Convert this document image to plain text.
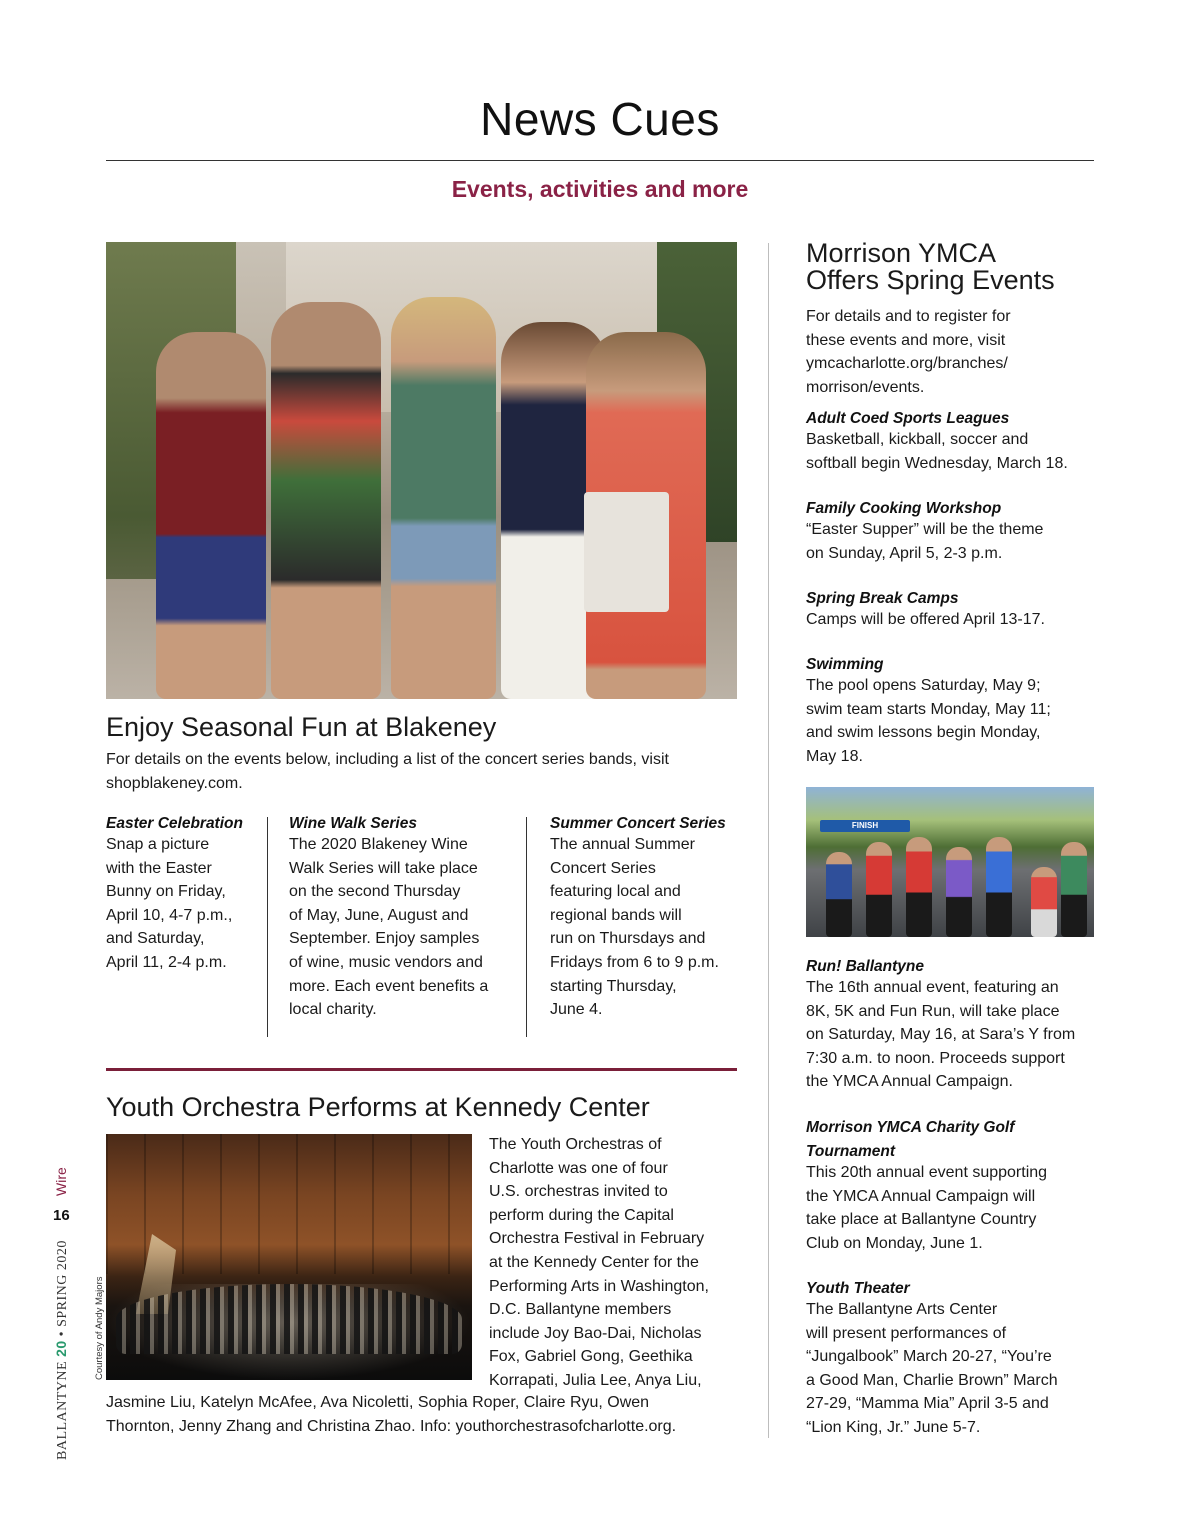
News Cues
Events, activities and more
Enjoy Seasonal Fun at Blakeney
For details on the events below, including a list of the concert series bands, visit shopblakeney.com.
Easter Celebration
Snap a picture
with the Easter
Bunny on Friday,
April 10, 4-7 p.m.,
and Saturday,
April 11, 2-4 p.m.
Wine Walk Series
The 2020 Blakeney Wine
Walk Series will take place
on the second Thursday
of May, June, August and
September. Enjoy samples
of wine, music vendors and
more. Each event benefits a
local charity.
Summer Concert Series
The annual Summer
Concert Series
featuring local and
regional bands will
run on Thursdays and
Fridays from 6 to 9 p.m.
starting Thursday,
June 4.
Youth Orchestra Performs at Kennedy Center
Courtesy of Andy Majors
The Youth Orchestras of
Charlotte was one of four
U.S. orchestras invited to
perform during the Capital
Orchestra Festival in February
at the Kennedy Center for the
Performing Arts in Washington,
D.C. Ballantyne members
include Joy Bao-Dai, Nicholas
Fox, Gabriel Gong, Geethika
Korrapati, Julia Lee, Anya Liu,
Jasmine Liu, Katelyn McAfee, Ava Nicoletti, Sophia Roper, Claire Ryu, Owen
Thornton, Jenny Zhang and Christina Zhao. Info: youthorchestrasofcharlotte.org.
Morrison YMCA
Offers Spring Events
For details and to register for
these events and more, visit
ymcacharlotte.org/branches/
morrison/events.
Adult Coed Sports Leagues
Basketball, kickball, soccer and
softball begin Wednesday, March 18.
Family Cooking Workshop
“Easter Supper” will be the theme
on Sunday, April 5, 2-3 p.m.
Spring Break Camps
Camps will be offered April 13-17.
Swimming
The pool opens Saturday, May 9;
swim team starts Monday, May 11;
and swim lessons begin Monday,
May 18.
FINISH
Run! Ballantyne
The 16th annual event, featuring an
8K, 5K and Fun Run, will take place
on Saturday, May 16, at Sara’s Y from
7:30 a.m. to noon. Proceeds support
the YMCA Annual Campaign.
Morrison YMCA Charity Golf
Tournament
This 20th annual event supporting
the YMCA Annual Campaign will
take place at Ballantyne Country
Club on Monday, June 1.
Youth Theater
The Ballantyne Arts Center
will present performances of
“Jungalbook” March 20-27, “You’re
a Good Man, Charlie Brown” March
27-29, “Mamma Mia” April 3-5 and
“Lion King, Jr.” June 5-7.
Wire
16
BALLANTYNE 20 • SPRING 2020
